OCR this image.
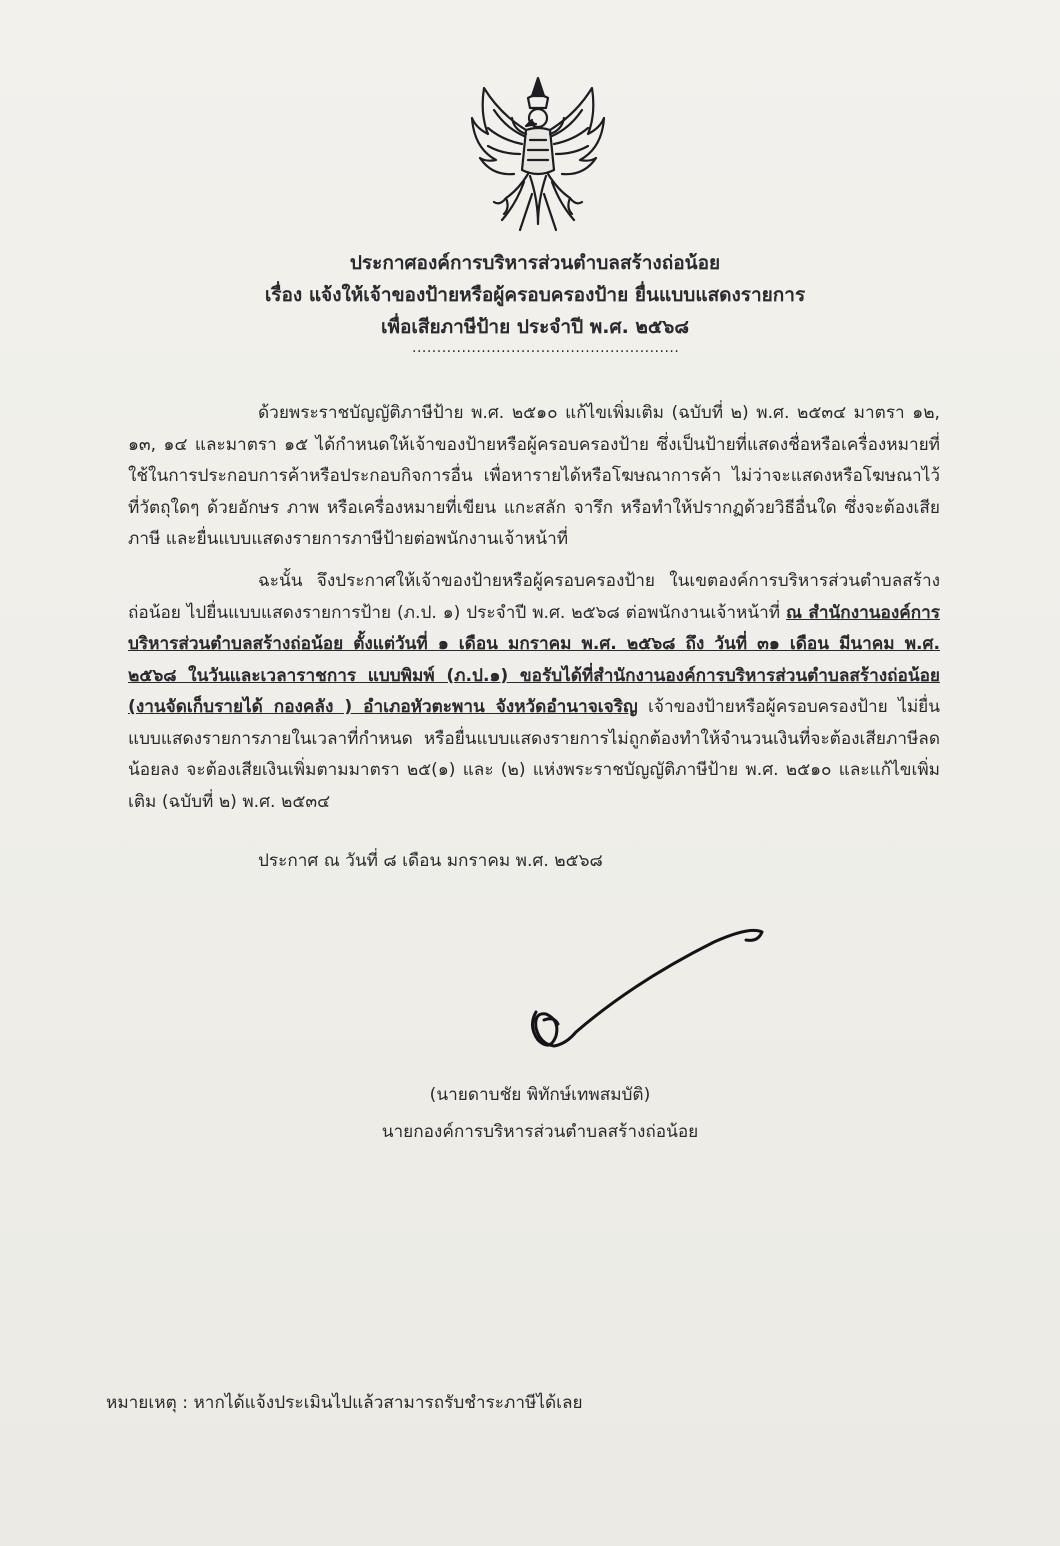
ประกาศองค์การบริหารส่วนตำบลสร้างถ่อน้อย
เรื่อง แจ้งให้เจ้าของป้ายหรือผู้ครอบครองป้าย ยื่นแบบแสดงรายการ
เพื่อเสียภาษีป้าย ประจำปี พ.ศ. ๒๕๖๘
......................................................
ด้วยพระราชบัญญัติภาษีป้าย พ.ศ. ๒๕๑๐ แก้ไขเพิ่มเติม (ฉบับที่ ๒) พ.ศ. ๒๕๓๔ มาตรา ๑๒, ๑๓, ๑๔ และมาตรา ๑๕ ได้กำหนดให้เจ้าของป้ายหรือผู้ครอบครองป้าย ซึ่งเป็นป้ายที่แสดงชื่อหรือเครื่องหมายที่ใช้ในการประกอบการค้าหรือประกอบกิจการอื่น เพื่อหารายได้หรือโฆษณาการค้า ไม่ว่าจะแสดงหรือโฆษณาไว้ที่วัตถุใดๆ ด้วยอักษร ภาพ หรือเครื่องหมายที่เขียน แกะสลัก จารึก หรือทำให้ปรากฏด้วยวิธีอื่นใด ซึ่งจะต้องเสียภาษี และยื่นแบบแสดงรายการภาษีป้ายต่อพนักงานเจ้าหน้าที่
ฉะนั้น จึงประกาศให้เจ้าของป้ายหรือผู้ครอบครองป้าย ในเขตองค์การบริหารส่วนตำบลสร้างถ่อน้อย ไปยื่นแบบแสดงรายการป้าย (ภ.ป. ๑) ประจำปี พ.ศ. ๒๕๖๘ ต่อพนักงานเจ้าหน้าที่ ณ สำนักงานองค์การบริหารส่วนตำบลสร้างถ่อน้อย ตั้งแต่วันที่ ๑ เดือน มกราคม พ.ศ. ๒๕๖๘ ถึง วันที่ ๓๑ เดือน มีนาคม พ.ศ. ๒๕๖๘ ในวันและเวลาราชการ แบบพิมพ์ (ภ.ป.๑) ขอรับได้ที่สำนักงานองค์การบริหารส่วนตำบลสร้างถ่อน้อย (งานจัดเก็บรายได้ กองคลัง ) อำเภอหัวตะพาน จังหวัดอำนาจเจริญ เจ้าของป้ายหรือผู้ครอบครองป้าย ไม่ยื่นแบบแสดงรายการภายในเวลาที่กำหนด หรือยื่นแบบแสดงรายการไม่ถูกต้องทำให้จำนวนเงินที่จะต้องเสียภาษีลดน้อยลง จะต้องเสียเงินเพิ่มตามมาตรา ๒๕(๑) และ (๒) แห่งพระราชบัญญัติภาษีป้าย พ.ศ. ๒๕๑๐ และแก้ไขเพิ่มเติม (ฉบับที่ ๒) พ.ศ. ๒๕๓๔
ประกาศ ณ วันที่ ๘ เดือน มกราคม พ.ศ. ๒๕๖๘
(นายดาบชัย พิทักษ์เทพสมบัติ)
นายกองค์การบริหารส่วนตำบลสร้างถ่อน้อย
หมายเหตุ : หากได้แจ้งประเมินไปแล้วสามารถรับชำระภาษีได้เลย
